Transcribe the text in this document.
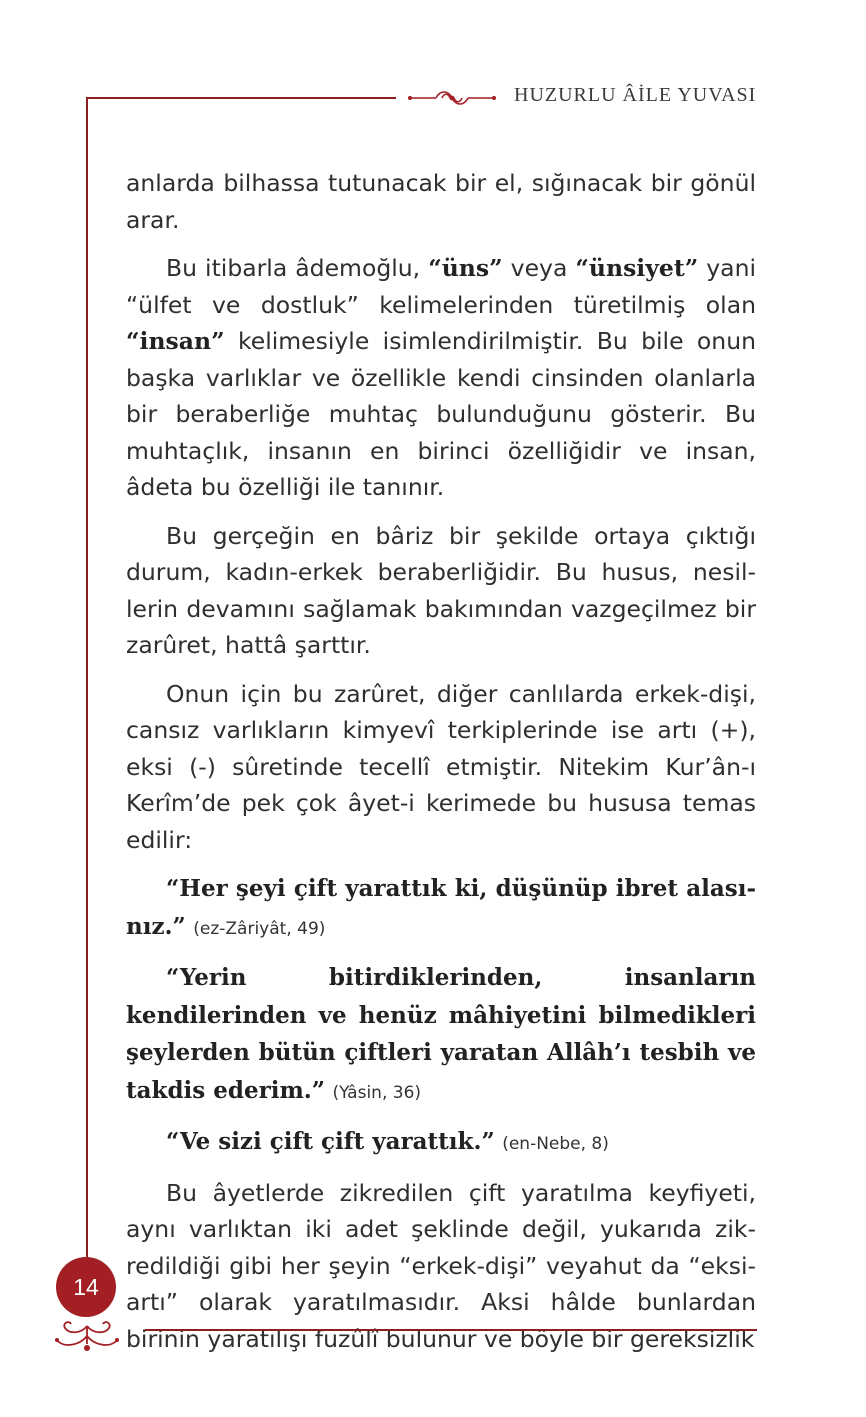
HUZURLU ÂİLE YUVASI

anlarda bilhassa tutunacak bir el, sığınacak bir gönül arar.

Bu itibarla âdemoğlu, “üns” veya “ünsiyet” yani “ülfet ve dostluk” kelimelerinden türetilmiş olan “insan” kelimesiyle isimlendirilmiştir. Bu bile onun başka varlıklar ve özellikle kendi cinsinden olanlarla bir beraberliğe muhtaç bulunduğunu gösterir. Bu muhtaçlık, insanın en birinci özelliğidir ve insan, âdeta bu özelliği ile tanınır.

Bu gerçeğin en bâriz bir şekilde ortaya çıktığı durum, kadın-erkek beraberliğidir. Bu husus, nesillerin devamını sağlamak bakımından vazgeçilmez bir zarûret, hattâ şarttır.

Onun için bu zarûret, diğer canlılarda erkek-dişi, cansız varlıkların kimyevî terkiplerinde ise artı (+), eksi (-) sûretinde tecellî etmiştir. Nitekim Kur’ân-ı Kerîm’de pek çok âyet-i kerimede bu hususa temas edilir:

“Her şeyi çift yarattık ki, düşünüp ibret alasınız.” (ez-Zâriyât, 49)

“Yerin bitirdiklerinden, insanların kendilerinden ve henüz mâhiyetini bilmedikleri şeylerden bütün çiftleri yaratan Allâh’ı tesbih ve takdis ederim.” (Yâsin, 36)

“Ve sizi çift çift yarattık.” (en-Nebe, 8)

Bu âyetlerde zikredilen çift yaratılma keyfiyeti, aynı varlıktan iki adet şeklinde değil, yukarıda zikredildiği gibi her şeyin “erkek-dişi” veyahut da “eksi-artı” olarak yaratılmasıdır. Aksi hâlde bunlardan birinin yaratılışı fuzûlî bulunur ve böyle bir gereksizlik

14
